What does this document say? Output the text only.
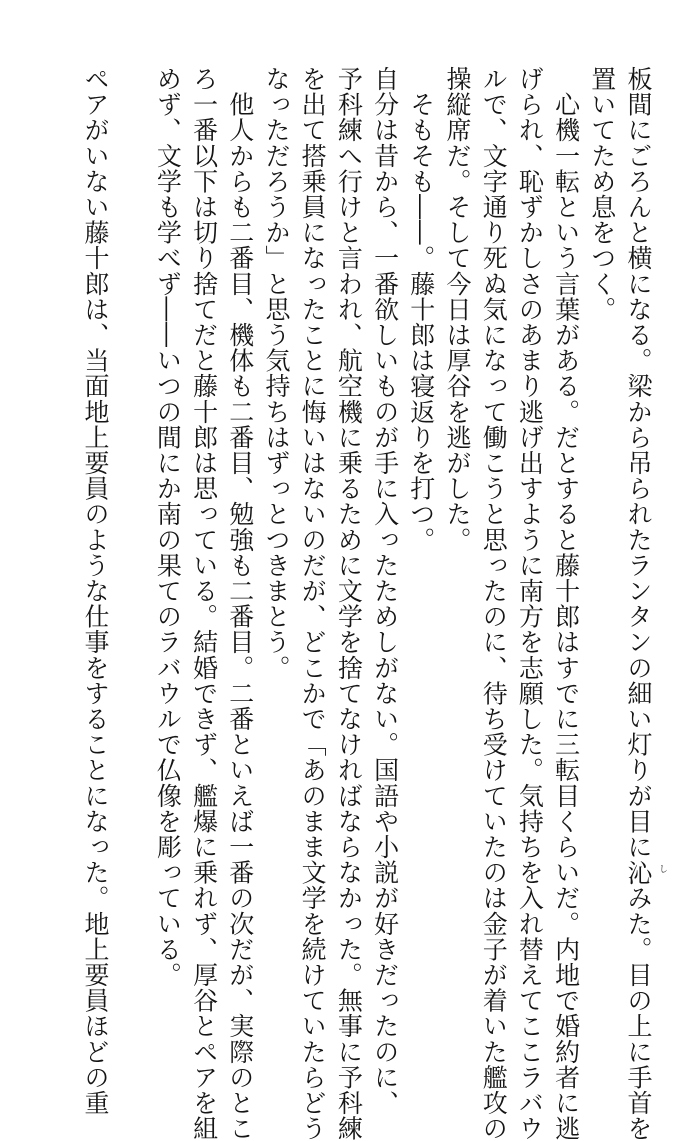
板間にごろんと横になる。梁から吊られたランタンの細い灯りが目に沁 し
みた。目の上に手首を
置いてため息をつく。
　心機一転という言葉がある。だとすると藤十郎はすでに三転目くらいだ。内地で婚約者に逃
げられ、恥ずかしさのあまり逃げ出すように南方を志願した。気持ちを入れ替えてここラバウ
ルで、文字通り死ぬ気になって働こうと思ったのに、待ち受けていたのは金子が着いた艦攻の
操縦席だ。そして今日は厚谷を逃がした。
　そもそも――。藤十郎は寝返りを打つ。
自分は昔から、一番欲しいものが手に入ったためしがない。国語や小説が好きだったのに、
予科練へ行けと言われ、航空機に乗るために文学を捨てなければならなかった。無事に予科練
を出て搭乗員になったことに悔いはないのだが、どこかで「あのまま文学を続けていたらどう
なっただろうか」と思う気持ちはずっとつきまとう。
　他人からも二番目、機体も二番目、勉強も二番目。二番といえば一番の次だが、実際のとこ
ろ一番以下は切り捨てだと藤十郎は思っている。結婚できず、艦爆に乗れず、厚谷とペアを組
めず、文学も学べず――いつの間にか南の果てのラバウルで仏像を彫っている。

ペアがいない藤十郎は、当面地上要員のような仕事をすることになった。地上要員ほどの重
